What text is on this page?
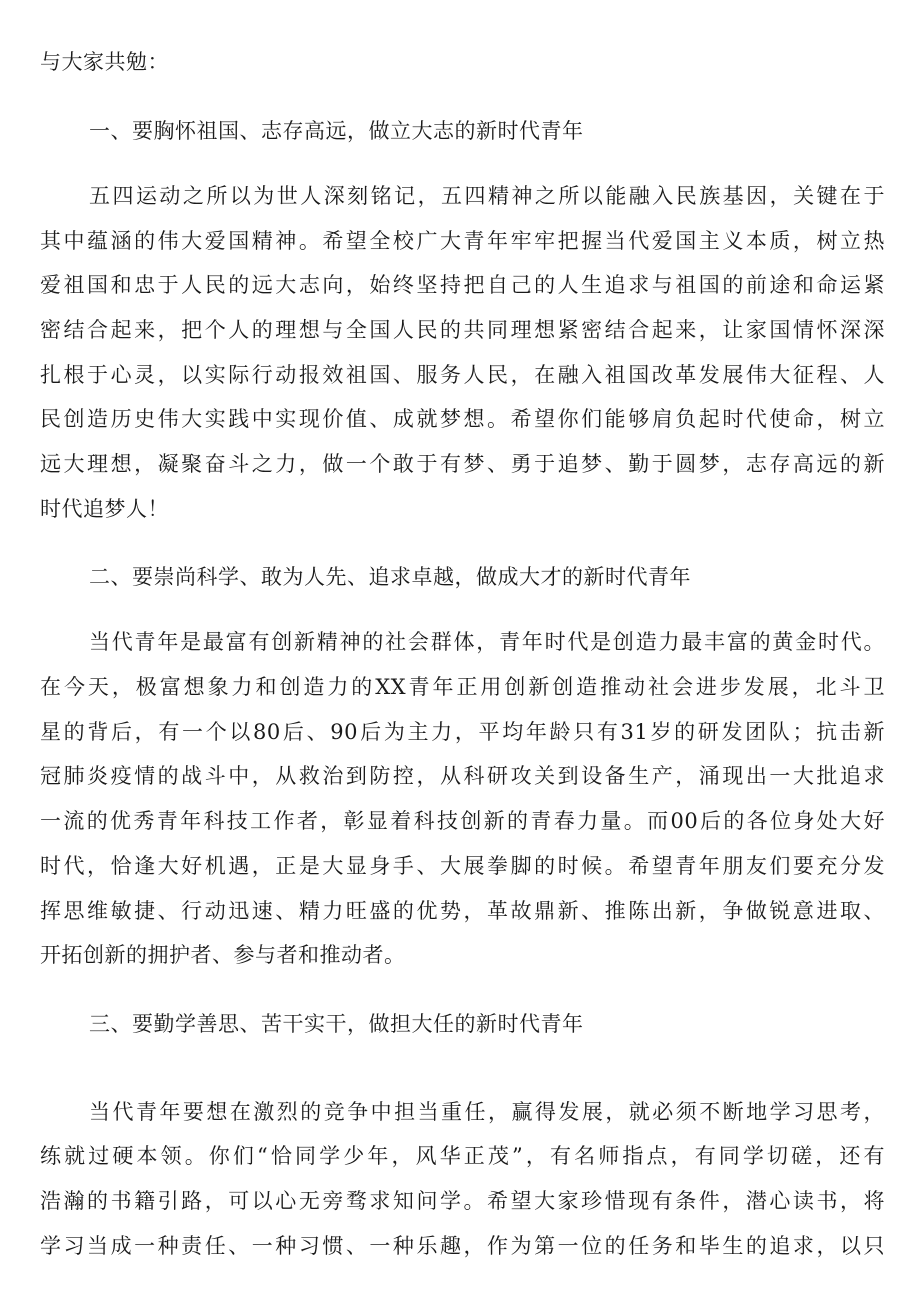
与大家共勉：
一、要胸怀祖国、志存高远，做立大志的新时代青年
五四运动之所以为世人深刻铭记，五四精神之所以能融入民族基因，关键在于
其中蕴涵的伟大爱国精神。希望全校广大青年牢牢把握当代爱国主义本质，树立热
爱祖国和忠于人民的远大志向，始终坚持把自己的人生追求与祖国的前途和命运紧
密结合起来，把个人的理想与全国人民的共同理想紧密结合起来，让家国情怀深深
扎根于心灵，以实际行动报效祖国、服务人民，在融入祖国改革发展伟大征程、人
民创造历史伟大实践中实现价值、成就梦想。希望你们能够肩负起时代使命，树立
远大理想，凝聚奋斗之力，做一个敢于有梦、勇于追梦、勤于圆梦，志存高远的新
时代追梦人！
二、要崇尚科学、敢为人先、追求卓越，做成大才的新时代青年
当代青年是最富有创新精神的社会群体，青年时代是创造力最丰富的黄金时代。
在今天，极富想象力和创造力的XX青年正用创新创造推动社会进步发展，北斗卫
星的背后，有一个以80后、90后为主力，平均年龄只有31岁的研发团队；抗击新
冠肺炎疫情的战斗中，从救治到防控，从科研攻关到设备生产，涌现出一大批追求
一流的优秀青年科技工作者，彰显着科技创新的青春力量。而00后的各位身处大好
时代，恰逢大好机遇，正是大显身手、大展拳脚的时候。希望青年朋友们要充分发
挥思维敏捷、行动迅速、精力旺盛的优势，革故鼎新、推陈出新，争做锐意进取、
开拓创新的拥护者、参与者和推动者。
三、要勤学善思、苦干实干，做担大任的新时代青年
当代青年要想在激烈的竞争中担当重任，赢得发展，就必须不断地学习思考，
练就过硬本领。你们“恰同学少年，风华正茂”，有名师指点，有同学切磋，还有
浩瀚的书籍引路，可以心无旁骛求知问学。希望大家珍惜现有条件，潜心读书，将
学习当成一种责任、一种习惯、一种乐趣，作为第一位的任务和毕生的追求，以只
